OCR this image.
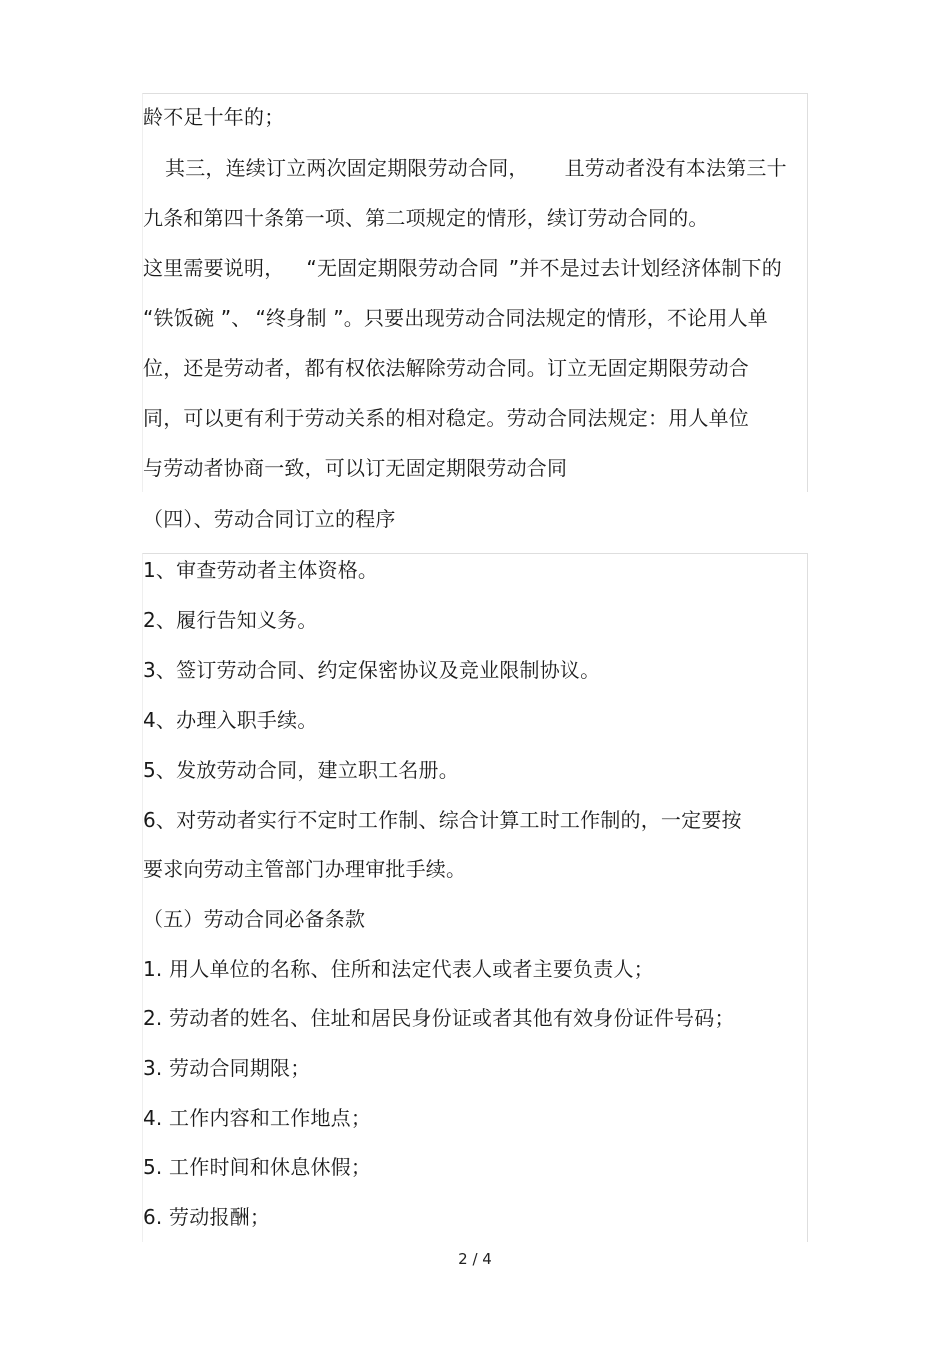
龄不足十年的；
其三，连续订立两次固定期限劳动合同， 且劳动者没有本法第三十
九条和第四十条第一项、第二项规定的情形，续订劳动合同的。
这里需要说明， “无固定期限劳动合同 ”并不是过去计划经济体制下的
“铁饭碗 ”、 “终身制 ”。只要出现劳动合同法规定的情形，不论用人单
位，还是劳动者，都有权依法解除劳动合同。订立无固定期限劳动合
同，可以更有利于劳动关系的相对稳定。劳动合同法规定：用人单位
与劳动者协商一致，可以订无固定期限劳动合同
（四）、劳动合同订立的程序
1、审查劳动者主体资格。
2、履行告知义务。
3、签订劳动合同、约定保密协议及竞业限制协议。
4、办理入职手续。
5、发放劳动合同，建立职工名册。
6、对劳动者实行不定时工作制、综合计算工时工作制的，一定要按
要求向劳动主管部门办理审批手续。
（五）劳动合同必备条款
1. 用人单位的名称、住所和法定代表人或者主要负责人；
2. 劳动者的姓名、住址和居民身份证或者其他有效身份证件号码；
3. 劳动合同期限；
4. 工作内容和工作地点；
5. 工作时间和休息休假；
6. 劳动报酬；
2 / 4
